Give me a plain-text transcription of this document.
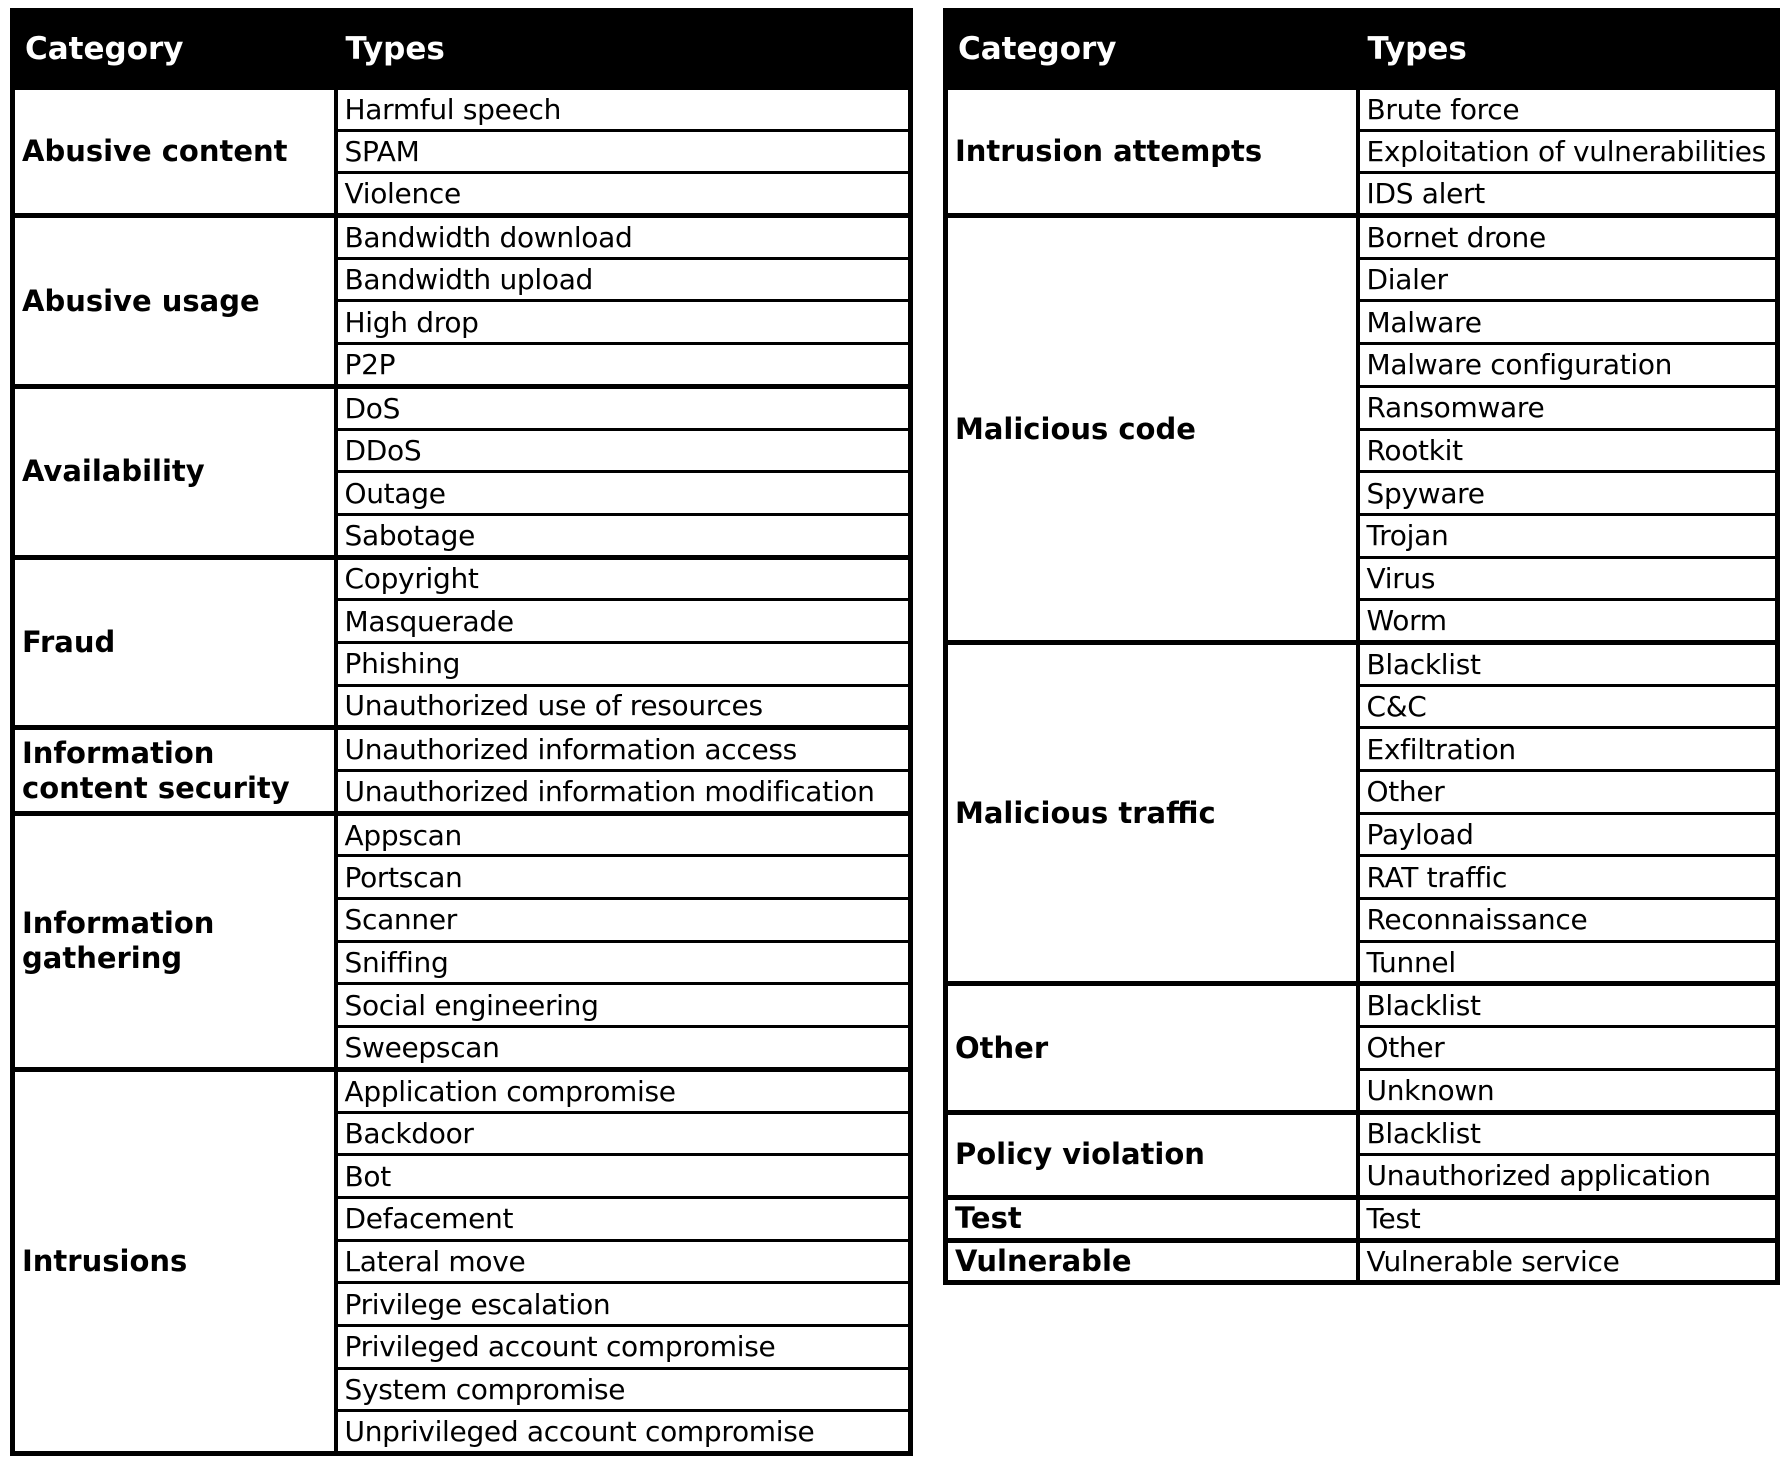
Category	Types
Abusive content	Harmful speech
	SPAM
	Violence
Abusive usage	Bandwidth download
	Bandwidth upload
	High drop
	P2P
Availability	DoS
	DDoS
	Outage
	Sabotage
Fraud	Copyright
	Masquerade
	Phishing
	Unauthorized use of resources
Information content security	Unauthorized information access
	Unauthorized information modification
Information gathering	Appscan
	Portscan
	Scanner
	Sniffing
	Social engineering
	Sweepscan
Intrusions	Application compromise
	Backdoor
	Bot
	Defacement
	Lateral move
	Privilege escalation
	Privileged account compromise
	System compromise
	Unprivileged account compromise
Category	Types
Intrusion attempts	Brute force
	Exploitation of vulnerabilities
	IDS alert
Malicious code	Bornet drone
	Dialer
	Malware
	Malware configuration
	Ransomware
	Rootkit
	Spyware
	Trojan
	Virus
	Worm
Malicious traffic	Blacklist
	C&C
	Exfiltration
	Other
	Payload
	RAT traffic
	Reconnaissance
	Tunnel
Other	Blacklist
	Other
	Unknown
Policy violation	Blacklist
	Unauthorized application
Test	Test
Vulnerable	Vulnerable service
